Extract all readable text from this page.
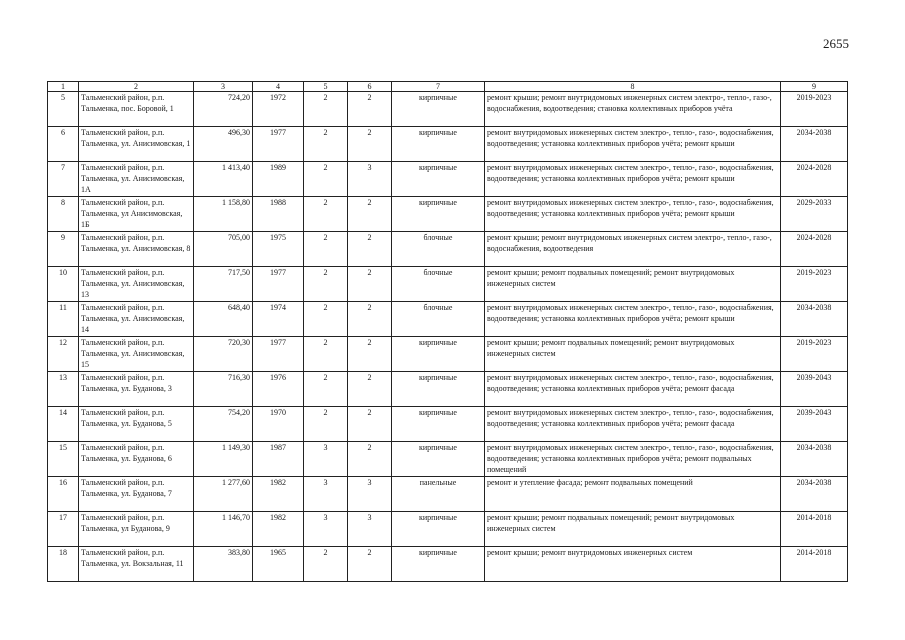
2655
1	2	3	4	5	6	7	8	9
5	Тальменский район, р.п. Тальменка, пос. Боровой, 1	724,20	1972	2	2	кирпичные	ремонт крыши; ремонт внутридомовых инженерных систем электро-, тепло-, газо-, водоснабжения, водоотведения; становка коллективных приборов учёта	2019-2023
6	Тальменский район, р.п. Тальменка, ул. Анисимовская, 1	496,30	1977	2	2	кирпичные	ремонт внутридомовых инженерных систем электро-, тепло-, газо-, водоснабжения, водоотведения; установка коллективных приборов учёта; ремонт крыши	2034-2038
7	Тальменский район, р.п. Тальменка, ул. Анисимовская, 1А	1 413,40	1989	2	3	кирпичные	ремонт внутридомовых инженерных систем электро-, тепло-, газо-, водоснабжения, водоотведения; установка коллективных приборов учёта; ремонт крыши	2024-2028
8	Тальменский район, р.п. Тальменка, ул Анисимовская, 1Б	1 158,80	1988	2	2	кирпичные	ремонт внутридомовых инженерных систем электро-, тепло-, газо-, водоснабжения, водоотведения; установка коллективных приборов учёта; ремонт крыши	2029-2033
9	Тальменский район, р.п. Тальменка, ул. Анисимовская, 8	705,00	1975	2	2	блочные	ремонт крыши; ремонт внутридомовых инженерных систем электро-, тепло-, газо-, водоснабжения, водоотведения	2024-2028
10	Тальменский район, р.п. Тальменка, ул. Анисимовская, 13	717,50	1977	2	2	блочные	ремонт крыши; ремонт подвальных помещений; ремонт внутридомовых инженерных систем	2019-2023
11	Тальменский район, р.п. Тальменка, ул. Анисимовская, 14	648,40	1974	2	2	блочные	ремонт внутридомовых инженерных систем электро-, тепло-, газо-, водоснабжения, водоотведения; установка коллективных приборов учёта; ремонт крыши	2034-2038
12	Тальменский район, р.п. Тальменка, ул. Анисимовская, 15	720,30	1977	2	2	кирпичные	ремонт крыши; ремонт подвальных помещений; ремонт внутридомовых инженерных систем	2019-2023
13	Тальменский район, р.п. Тальменка, ул. Буданова, 3	716,30	1976	2	2	кирпичные	ремонт внутридомовых инженерных систем электро-, тепло-, газо-, водоснабжения, водоотведения; установка коллективных приборов учёта; ремонт фасада	2039-2043
14	Тальменский район, р.п. Тальменка, ул. Буданова, 5	754,20	1970	2	2	кирпичные	ремонт внутридомовых инженерных систем электро-, тепло-, газо-, водоснабжения, водоотведения; установка коллективных приборов учёта; ремонт фасада	2039-2043
15	Тальменский район, р.п. Тальменка, ул. Буданова, 6	1 149,30	1987	3	2	кирпичные	ремонт внутридомовых инженерных систем электро-, тепло-, газо-, водоснабжения, водоотведения; установка коллективных приборов учёта; ремонт подвальных помещений	2034-2038
16	Тальменский район, р.п. Тальменка, ул. Буданова, 7	1 277,60	1982	3	3	панельные	ремонт и утепление фасада; ремонт подвальных помещений	2034-2038
17	Тальменский район, р.п. Тальменка, ул Буданова, 9	1 146,70	1982	3	3	кирпичные	ремонт крыши; ремонт подвальных помещений; ремонт внутридомовых инженерных систем	2014-2018
18	Тальменский район, р.п. Тальменка, ул. Вокзальная, 11	383,80	1965	2	2	кирпичные	ремонт крыши; ремонт внутридомовых инженерных систем	2014-2018
